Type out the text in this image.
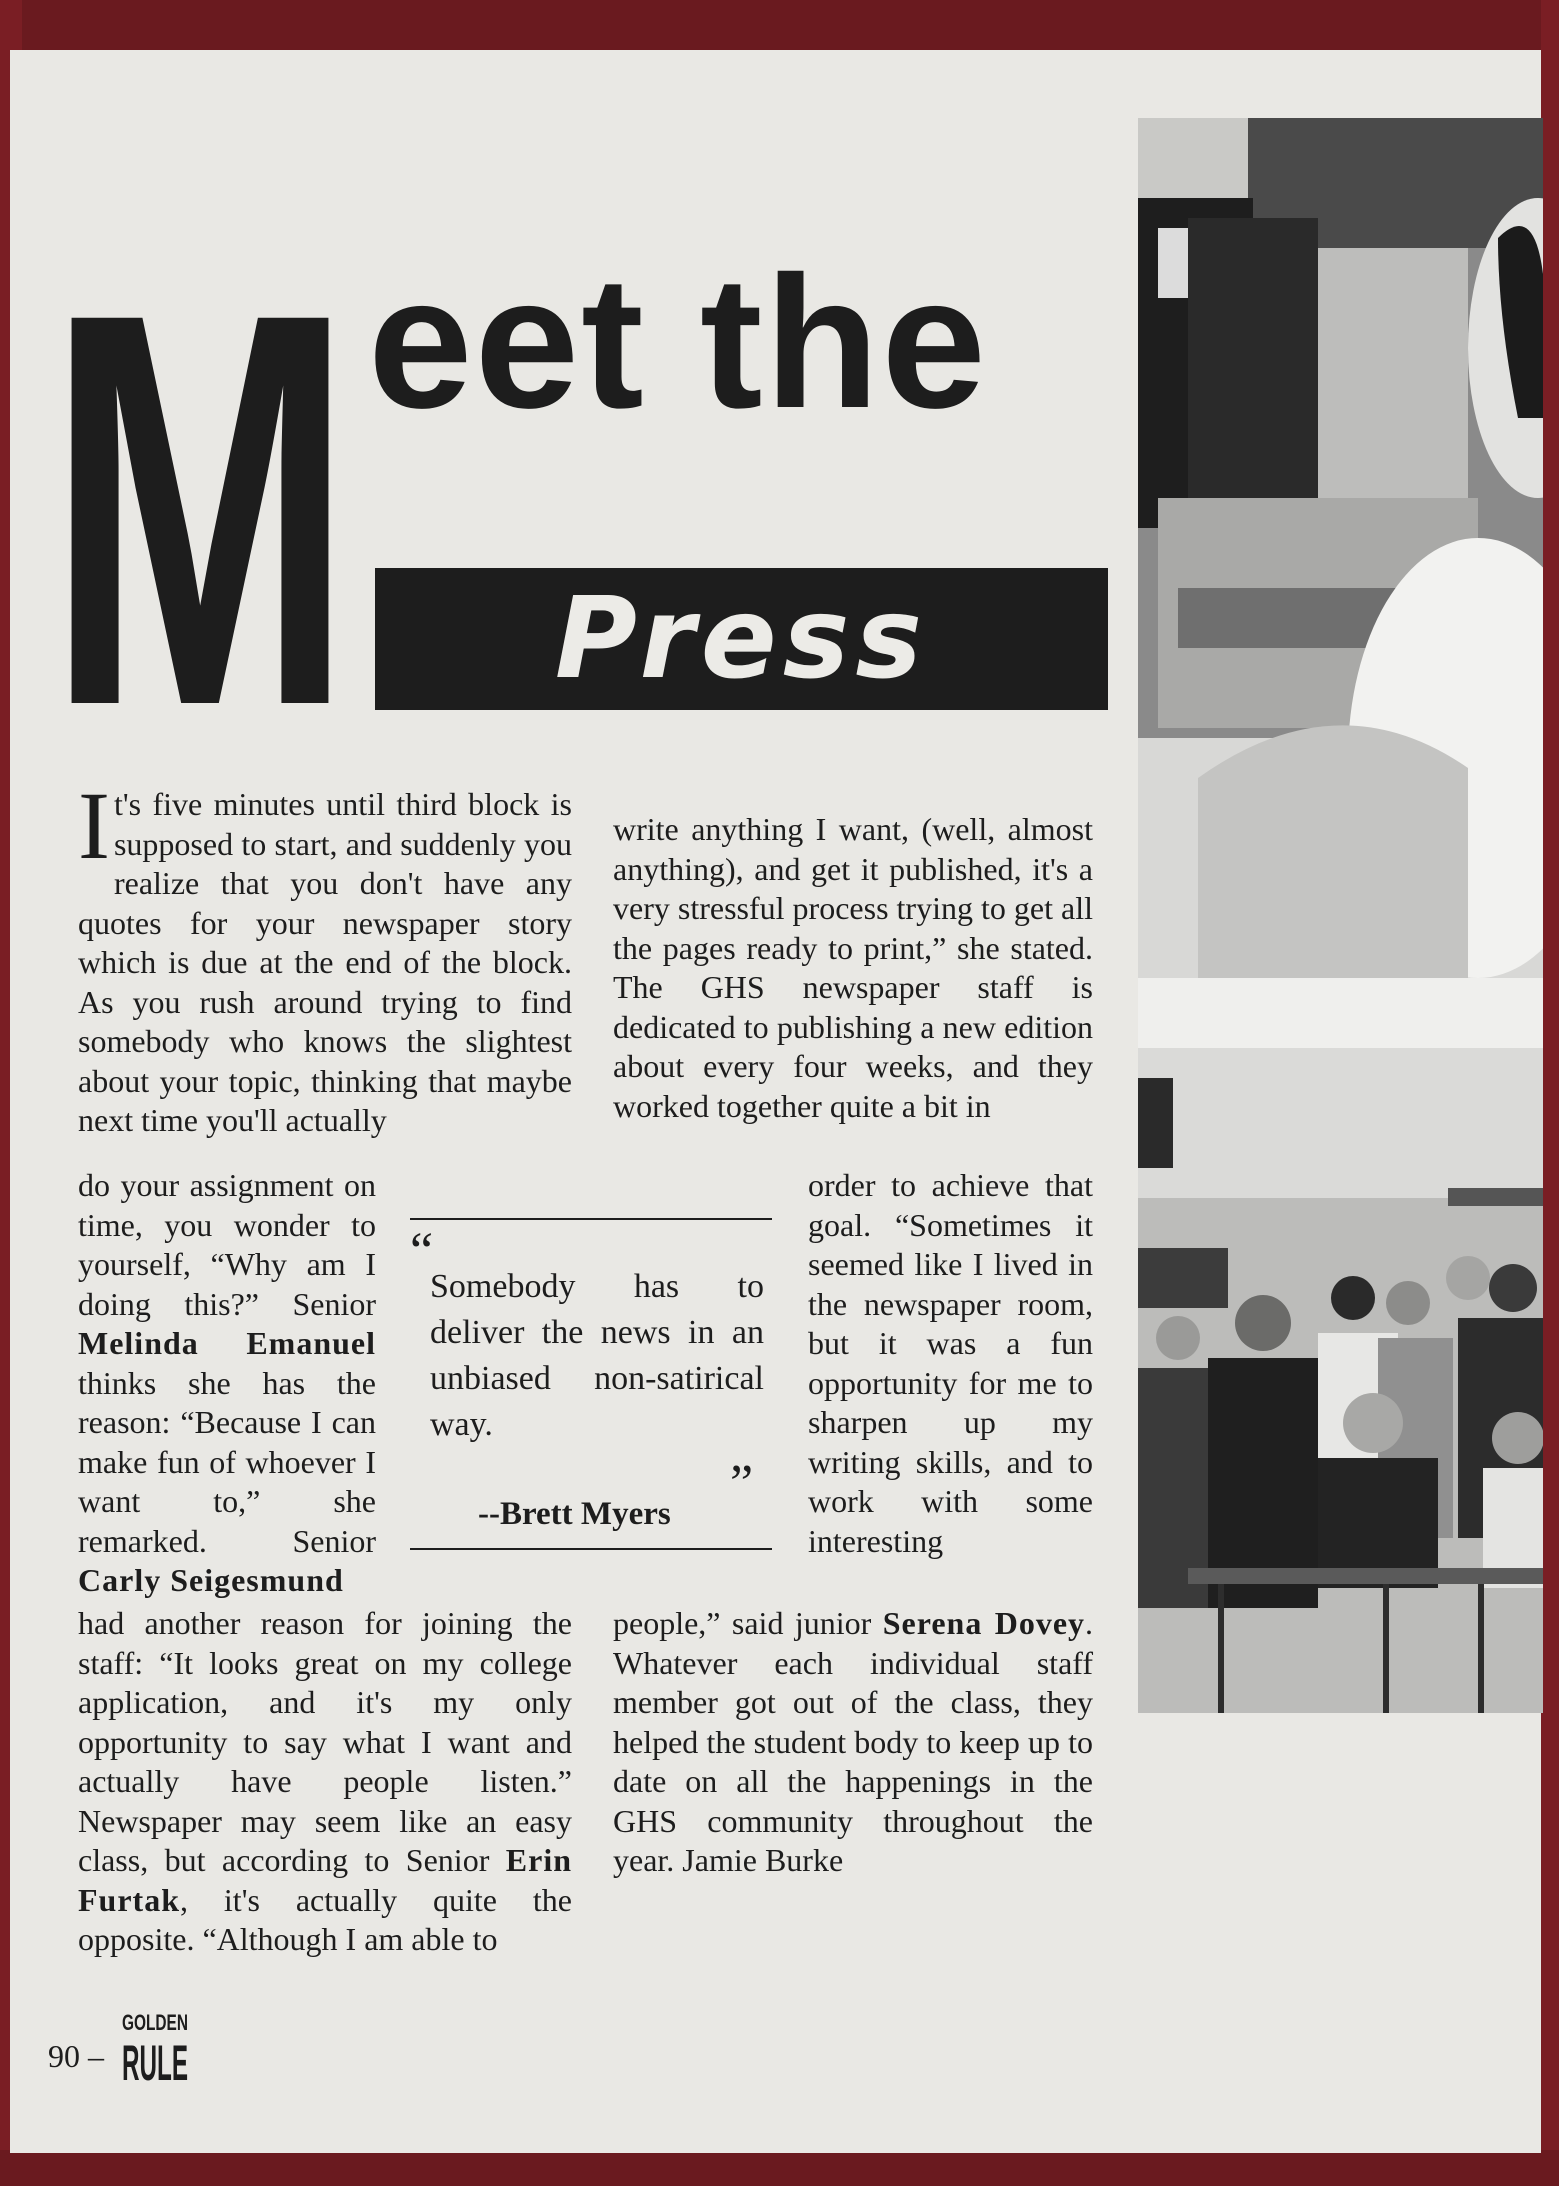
M eet the
Press

It's five minutes until third block is supposed to start, and suddenly you realize that you don't have any quotes for your newspaper story which is due at the end of the block. As you rush around trying to find somebody who knows the slightest about your topic, thinking that maybe next time you'll actually

do your assignment on time, you wonder to yourself, “Why am I doing this?” Senior Melinda Emanuel thinks she has the reason: “Because I can make fun of whoever I want to,” she remarked. Senior Carly Seigesmund

had another reason for joining the staff: “It looks great on my college application, and it's my only opportunity to say what I want and actually have people listen.” Newspaper may seem like an easy class, but according to Senior Erin Furtak, it's actually quite the opposite. “Although I am able to

write anything I want, (well, almost anything), and get it published, it's a very stressful process trying to get all the pages ready to print,” she stated. The GHS newspaper staff is dedicated to publishing a new edition about every four weeks, and they worked together quite a bit in

order to achieve that goal. “Sometimes it seemed like I lived in the newspaper room, but it was a fun opportunity for me to sharpen up my writing skills, and to work with some interesting

people,” said junior Serena Dovey. Whatever each individual staff member got out of the class, they helped the student body to keep up to date on all the happenings in the GHS community throughout the year. Jamie Burke

“
Somebody has to deliver the news in an unbiased non-satirical way.
”
--Brett Myers
90 –
GOLDEN
RULE
